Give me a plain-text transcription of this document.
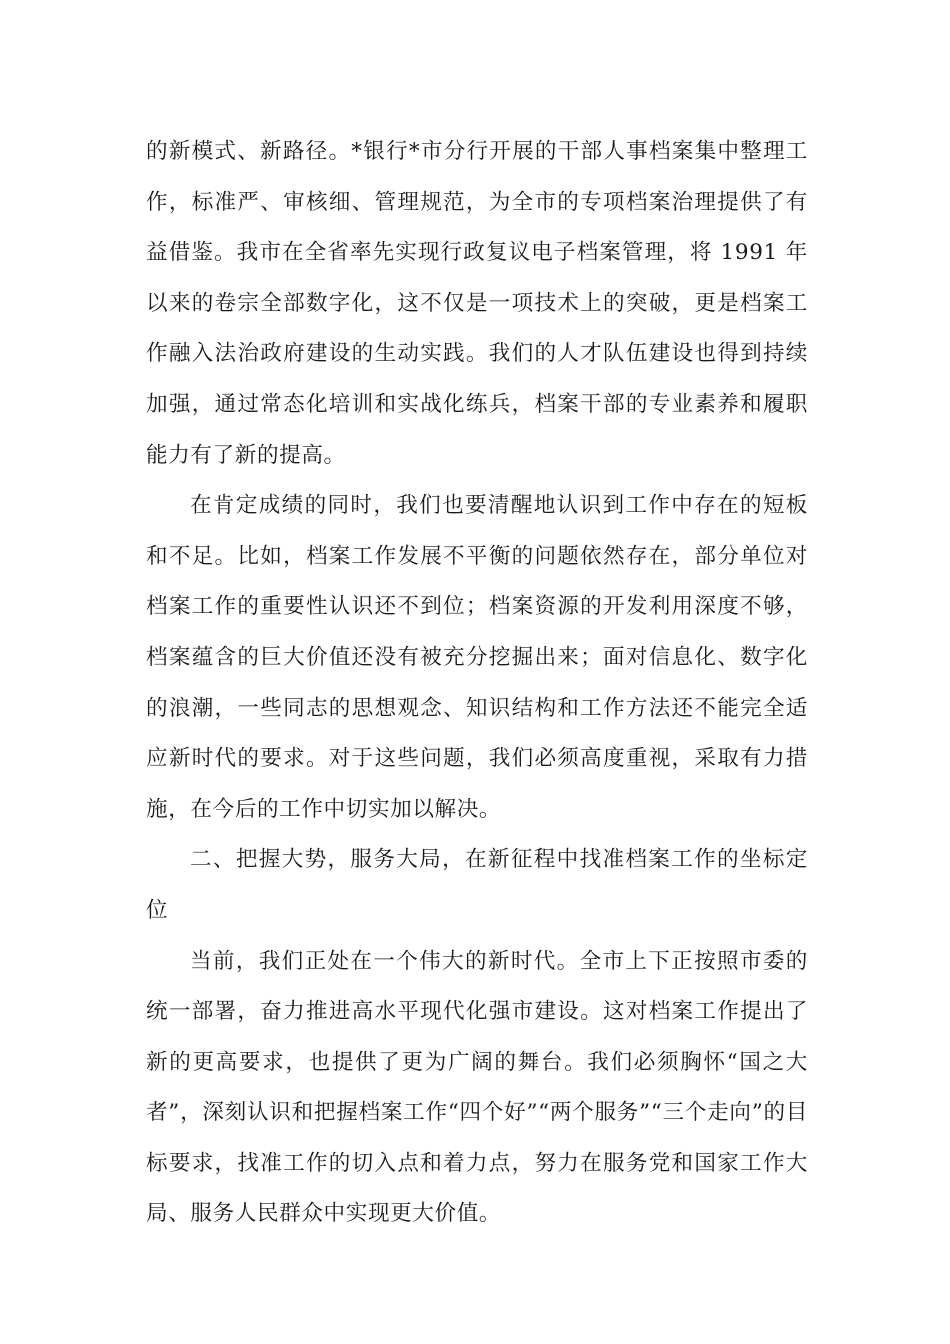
的新模式、新路径。*银行*市分行开展的干部人事档案集中整理工作，标准严、审核细、管理规范，为全市的专项档案治理提供了有益借鉴。我市在全省率先实现行政复议电子档案管理，将 1991 年以来的卷宗全部数字化，这不仅是一项技术上的突破，更是档案工作融入法治政府建设的生动实践。我们的人才队伍建设也得到持续加强，通过常态化培训和实战化练兵，档案干部的专业素养和履职能力有了新的提高。

在肯定成绩的同时，我们也要清醒地认识到工作中存在的短板和不足。比如，档案工作发展不平衡的问题依然存在，部分单位对档案工作的重要性认识还不到位；档案资源的开发利用深度不够，档案蕴含的巨大价值还没有被充分挖掘出来；面对信息化、数字化的浪潮，一些同志的思想观念、知识结构和工作方法还不能完全适应新时代的要求。对于这些问题，我们必须高度重视，采取有力措施，在今后的工作中切实加以解决。

二、把握大势，服务大局，在新征程中找准档案工作的坐标定位

当前，我们正处在一个伟大的新时代。全市上下正按照市委的统一部署，奋力推进高水平现代化强市建设。这对档案工作提出了新的更高要求，也提供了更为广阔的舞台。我们必须胸怀“国之大者”，深刻认识和把握档案工作“四个好”“两个服务”“三个走向”的目标要求，找准工作的切入点和着力点，努力在服务党和国家工作大局、服务人民群众中实现更大价值。
